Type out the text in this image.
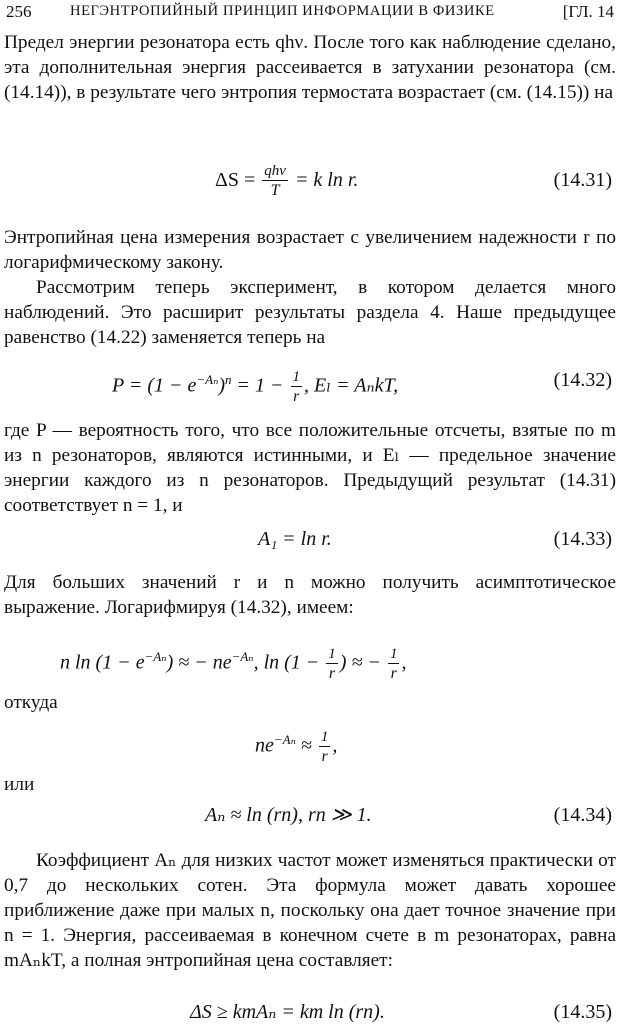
256	НЕГЭНТРОПИЙНЫЙ ПРИНЦИП ИНФОРМАЦИИ В ФИЗИКЕ	[ГЛ. 14

Предел энергии резонатора есть qhν. После того как наблюдение сделано, эта дополнительная энергия рассеивается в затухании резонатора (см. (14.14)), в результате чего энтропия термостата возрастает (см. (14.15)) на

$\Delta S = \frac{\text{qhν}}{T} = k$ ln r.	(14.31)

Энтропийная цена измерения возрастает с увеличением надежности r по логарифмическому закону.

Рассмотрим теперь эксперимент, в котором делается много наблюдений. Это расширит результаты раздела 4. Наше предыдущее равенство (14.22) заменяется теперь на

$P = (1 - e^{-A_n})^n = 1 - \frac{1}{r}$ , Eₗ = AₙkT,	(14.32)

где P — вероятность того, что все положительные отсчеты, взятые по m из n резонаторов, являются истинными, и Eₗ — предельное значение энергии каждого из n резонаторов. Предыдущий результат (14.31) соответствует n = 1, и

A₁ = ln r.	(14.33)

Для больших значений r и n можно получить асимптотическое выражение. Логарифмируя (14.32), имеем:

n $\ln (1 - e^{-A_n})$ ≈ − $ne^{-A_n}$, $\ln (1 - \frac{1}{r}$ ) ≈ − $\frac{1}{r}$ ,

откуда

$ne^{-A_n} \approx \frac{1}{r}$ ,

или

Aₙ ≈ ln (rn), rn ≫ 1.	(14.34)

Коэффициент Aₙ для низких частот может изменяться практически от 0,7 до нескольких сотен. Эта формула может давать хорошее приближение даже при малых n, поскольку она дает точное значение при n = 1. Энергия, рассеиваемая в конечном счете в m резонаторах, равна mAₙkT, а полная энтропийная цена составляет:

ΔS ≥ kmAₙ = km ln (rn).	(14.35)
